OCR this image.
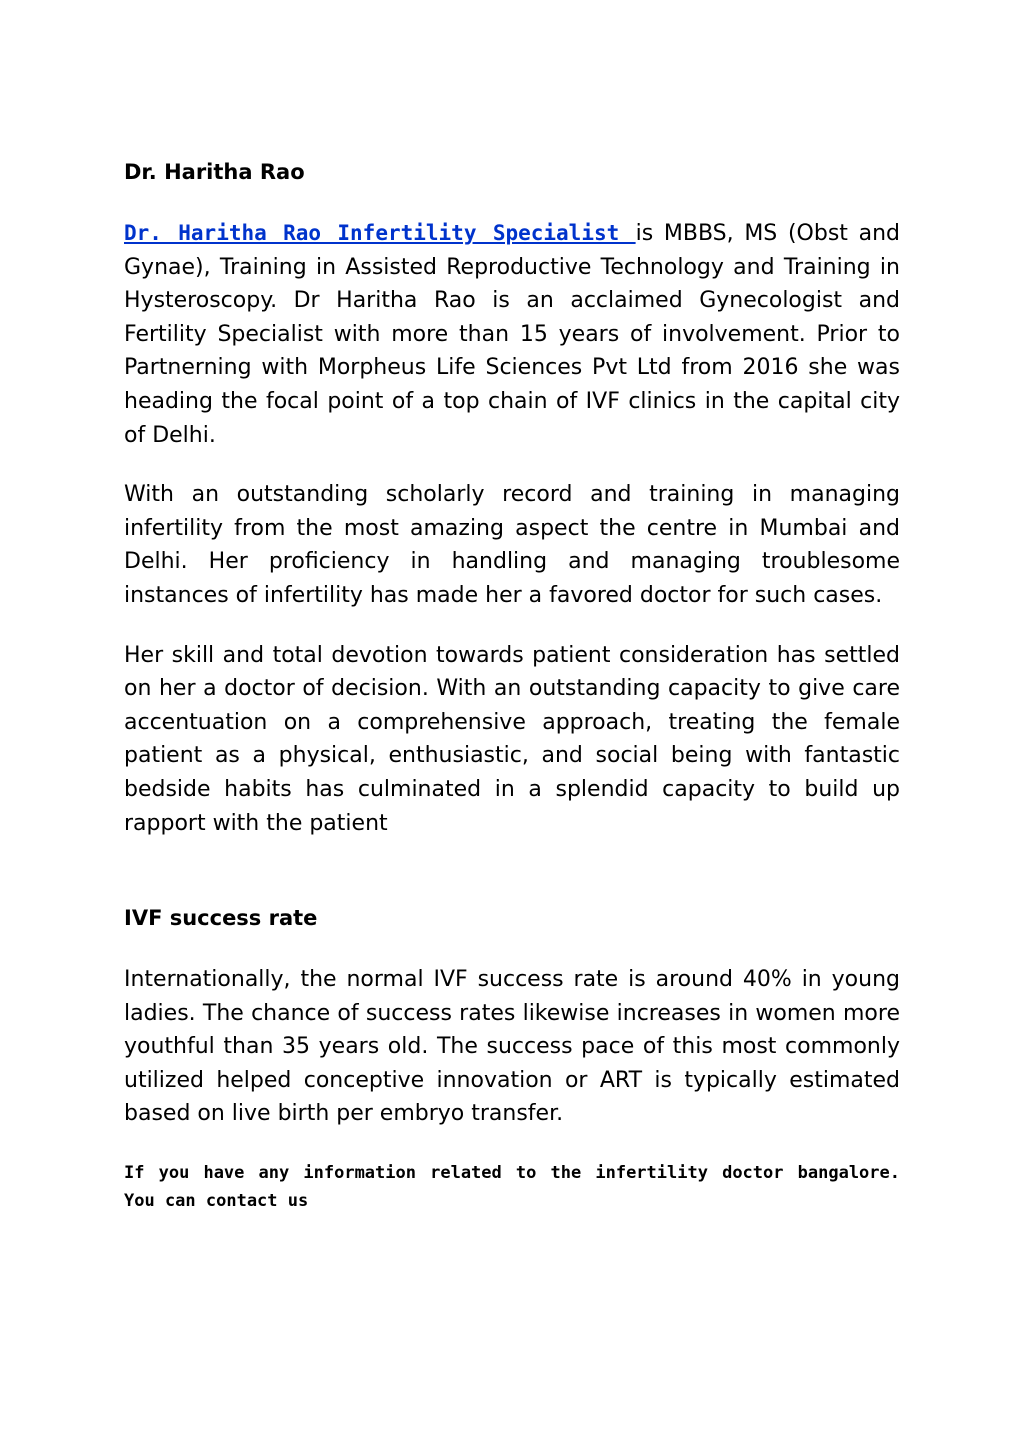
Dr. Haritha Rao

Dr. Haritha Rao Infertility Specialist is MBBS, MS (Obst and Gynae), Training in Assisted Reproductive Technology and Training in Hysteroscopy. Dr Haritha Rao is an acclaimed Gynecologist and Fertility Specialist with more than 15 years of involvement. Prior to Partnerning with Morpheus Life Sciences Pvt Ltd from 2016 she was heading the focal point of a top chain of IVF clinics in the capital city of Delhi.

With an outstanding scholarly record and training in managing infertility from the most amazing aspect the centre in Mumbai and Delhi. Her proficiency in handling and managing troublesome instances of infertility has made her a favored doctor for such cases.

Her skill and total devotion towards patient consideration has settled on her a doctor of decision. With an outstanding capacity to give care accentuation on a comprehensive approach, treating the female patient as a physical, enthusiastic, and social being with fantastic bedside habits has culminated in a splendid capacity to build up rapport with the patient

IVF success rate

Internationally, the normal IVF success rate is around 40% in young ladies. The chance of success rates likewise increases in women more youthful than 35 years old. The success pace of this most commonly utilized helped conceptive innovation or ART is typically estimated based on live birth per embryo transfer.

If you have any information related to the infertility doctor bangalore. You can contact us
